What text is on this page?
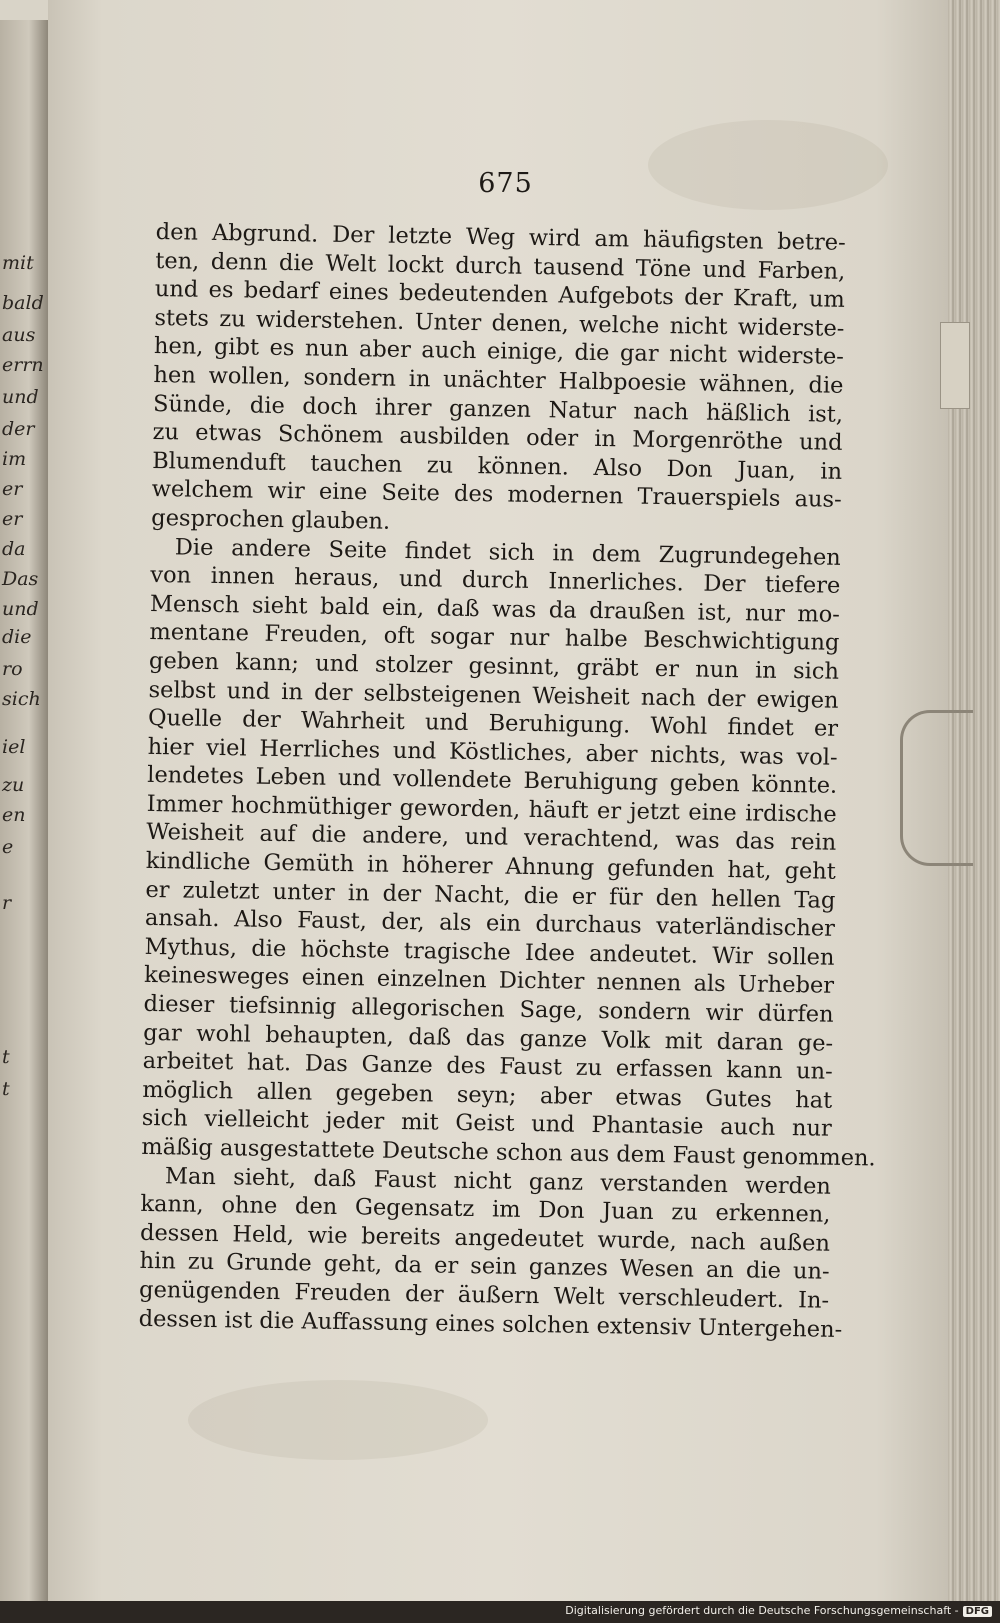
mit
bald
aus
errn
und
der
im
er
er
da
Das
und
die
ro
sich
iel
zu
en
e
r
t
t
675
den Abgrund. Der letzte Weg wird am häufigsten betre-
ten, denn die Welt lockt durch tausend Töne und Farben,
und es bedarf eines bedeutenden Aufgebots der Kraft, um
stets zu widerstehen. Unter denen, welche nicht widerste-
hen, gibt es nun aber auch einige, die gar nicht widerste-
hen wollen, sondern in unächter Halbpoesie wähnen, die
Sünde, die doch ihrer ganzen Natur nach häßlich ist,
zu etwas Schönem ausbilden oder in Morgenröthe und
Blumenduft tauchen zu können. Also Don Juan, in
welchem wir eine Seite des modernen Trauerspiels aus-
gesprochen glauben.
Die andere Seite findet sich in dem Zugrundegehen
von innen heraus, und durch Innerliches. Der tiefere
Mensch sieht bald ein, daß was da draußen ist, nur mo-
mentane Freuden, oft sogar nur halbe Beschwichtigung
geben kann; und stolzer gesinnt, gräbt er nun in sich
selbst und in der selbsteigenen Weisheit nach der ewigen
Quelle der Wahrheit und Beruhigung. Wohl findet er
hier viel Herrliches und Köstliches, aber nichts, was vol-
lendetes Leben und vollendete Beruhigung geben könnte.
Immer hochmüthiger geworden, häuft er jetzt eine irdische
Weisheit auf die andere, und verachtend, was das rein
kindliche Gemüth in höherer Ahnung gefunden hat, geht
er zuletzt unter in der Nacht, die er für den hellen Tag
ansah. Also Faust, der, als ein durchaus vaterländischer
Mythus, die höchste tragische Idee andeutet. Wir sollen
keinesweges einen einzelnen Dichter nennen als Urheber
dieser tiefsinnig allegorischen Sage, sondern wir dürfen
gar wohl behaupten, daß das ganze Volk mit daran ge-
arbeitet hat. Das Ganze des Faust zu erfassen kann un-
möglich allen gegeben seyn; aber etwas Gutes hat
sich vielleicht jeder mit Geist und Phantasie auch nur
mäßig ausgestattete Deutsche schon aus dem Faust genommen.
Man sieht, daß Faust nicht ganz verstanden werden
kann, ohne den Gegensatz im Don Juan zu erkennen,
dessen Held, wie bereits angedeutet wurde, nach außen
hin zu Grunde geht, da er sein ganzes Wesen an die un-
genügenden Freuden der äußern Welt verschleudert. In-
dessen ist die Auffassung eines solchen extensiv Untergehen-
Digitalisierung gefördert durch die Deutsche Forschungsgemeinschaft - DFG
